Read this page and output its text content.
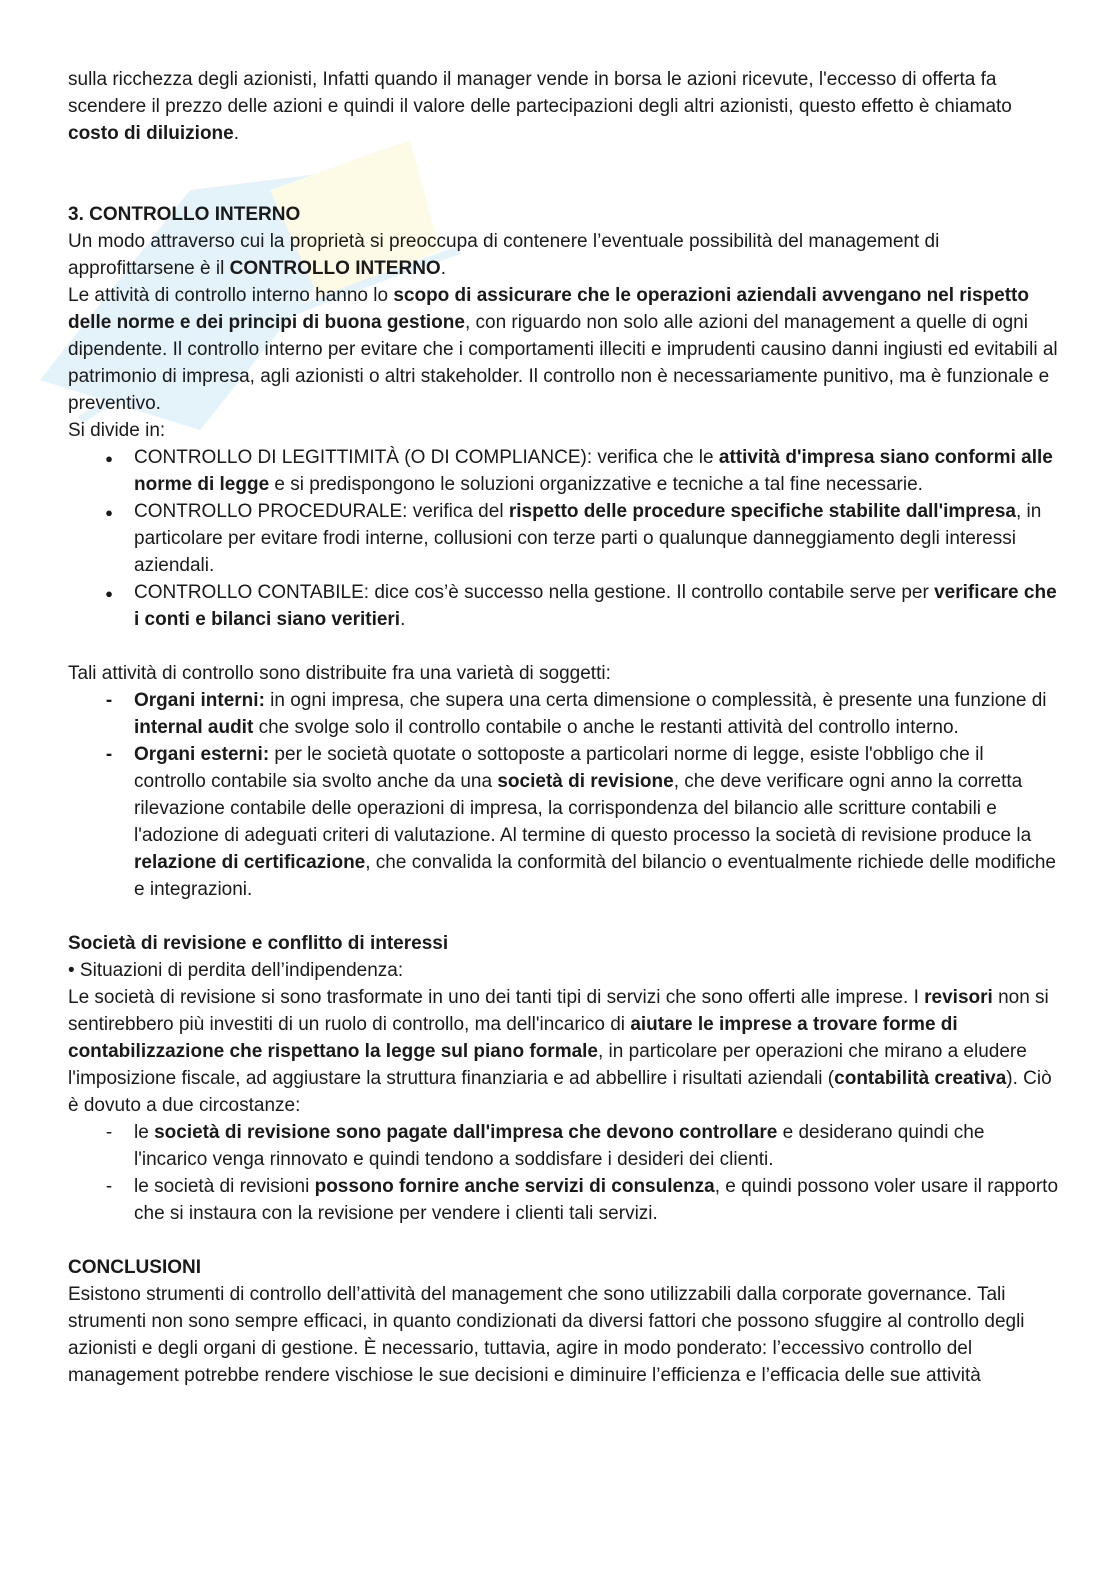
sulla ricchezza degli azionisti, Infatti quando il manager vende in borsa le azioni ricevute, l'eccesso di offerta fa scendere il prezzo delle azioni e quindi il valore delle partecipazioni degli altri azionisti, questo effetto è chiamato costo di diluizione.

3. CONTROLLO INTERNO

Un modo attraverso cui la proprietà si preoccupa di contenere l’eventuale possibilità del management di approfittarsene è il CONTROLLO INTERNO.

Le attività di controllo interno hanno lo scopo di assicurare che le operazioni aziendali avvengano nel rispetto delle norme e dei principi di buona gestione, con riguardo non solo alle azioni del management a quelle di ogni dipendente. Il controllo interno per evitare che i comportamenti illeciti e imprudenti causino danni ingiusti ed evitabili al patrimonio di impresa, agli azionisti o altri stakeholder. Il controllo non è necessariamente punitivo, ma è funzionale e preventivo.

Si divide in:

●
CONTROLLO DI LEGITTIMITÀ (O DI COMPLIANCE): verifica che le attività d'impresa siano conformi alle norme di legge e si predispongono le soluzioni organizzative e tecniche a tal fine necessarie.
●
CONTROLLO PROCEDURALE: verifica del rispetto delle procedure specifiche stabilite dall'impresa, in particolare per evitare frodi interne, collusioni con terze parti o qualunque danneggiamento degli interessi aziendali.
●
CONTROLLO CONTABILE: dice cos’è successo nella gestione. Il controllo contabile serve per verificare che i conti e bilanci siano veritieri.

Tali attività di controllo sono distribuite fra una varietà di soggetti:

-
Organi interni: in ogni impresa, che supera una certa dimensione o complessità, è presente una funzione di internal audit che svolge solo il controllo contabile o anche le restanti attività del controllo interno.
-
Organi esterni: per le società quotate o sottoposte a particolari norme di legge, esiste l'obbligo che il controllo contabile sia svolto anche da una società di revisione, che deve verificare ogni anno la corretta rilevazione contabile delle operazioni di impresa, la corrispondenza del bilancio alle scritture contabili e l'adozione di adeguati criteri di valutazione. Al termine di questo processo la società di revisione produce la relazione di certificazione, che convalida la conformità del bilancio o eventualmente richiede delle modifiche e integrazioni.

Società di revisione e conflitto di interessi

• Situazioni di perdita dell’indipendenza:

Le società di revisione si sono trasformate in uno dei tanti tipi di servizi che sono offerti alle imprese. I revisori non si sentirebbero più investiti di un ruolo di controllo, ma dell'incarico di aiutare le imprese a trovare forme di contabilizzazione che rispettano la legge sul piano formale, in particolare per operazioni che mirano a eludere l'imposizione fiscale, ad aggiustare la struttura finanziaria e ad abbellire i risultati aziendali (contabilità creativa). Ciò è dovuto a due circostanze:

-
le società di revisione sono pagate dall'impresa che devono controllare e desiderano quindi che l'incarico venga rinnovato e quindi tendono a soddisfare i desideri dei clienti.
-
le società di revisioni possono fornire anche servizi di consulenza, e quindi possono voler usare il rapporto che si instaura con la revisione per vendere i clienti tali servizi.

CONCLUSIONI

Esistono strumenti di controllo dell’attività del management che sono utilizzabili dalla corporate governance. Tali strumenti non sono sempre efficaci, in quanto condizionati da diversi fattori che possono sfuggire al controllo degli azionisti e degli organi di gestione. È necessario, tuttavia, agire in modo ponderato: l’eccessivo controllo del management potrebbe rendere vischiose le sue decisioni e diminuire l’efficienza e l’efficacia delle sue attività
